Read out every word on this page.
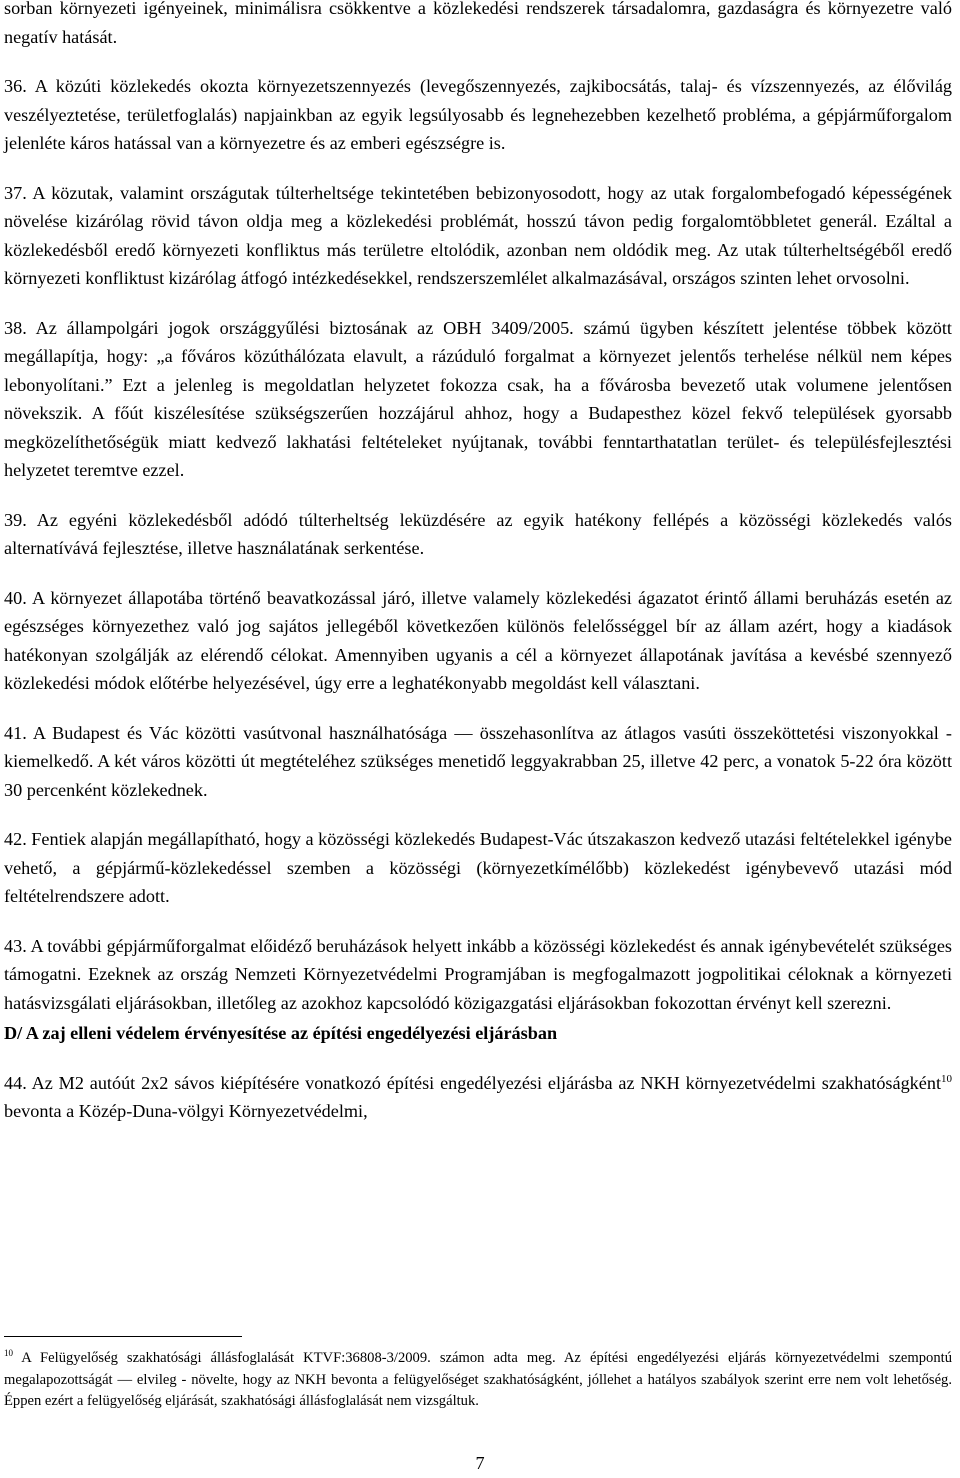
sorban környezeti igényeinek, minimálisra csökkentve a közlekedési rendszerek társadalomra, gazdaságra és környezetre való negatív hatását.

36. A közúti közlekedés okozta környezetszennyezés (levegőszennyezés, zajkibocsátás, talaj- és vízszennyezés, az élővilág veszélyeztetése, területfoglalás) napjainkban az egyik legsúlyosabb és legnehezebben kezelhető probléma, a gépjárműforgalom jelenléte káros hatással van a környezetre és az emberi egészségre is.

37. A közutak, valamint országutak túlterheltsége tekintetében bebizonyosodott, hogy az utak forgalombefogadó képességének növelése kizárólag rövid távon oldja meg a közlekedési problémát, hosszú távon pedig forgalomtöbbletet generál. Ezáltal a közlekedésből eredő környezeti konfliktus más területre eltolódik, azonban nem oldódik meg. Az utak túlterheltségéből eredő környezeti konfliktust kizárólag átfogó intézkedésekkel, rendszerszemlélet alkalmazásával, országos szinten lehet orvosolni.

38. Az állampolgári jogok országgyűlési biztosának az OBH 3409/2005. számú ügyben készített jelentése többek között megállapítja, hogy: „a főváros közúthálózata elavult, a rázúduló forgalmat a környezet jelentős terhelése nélkül nem képes lebonyolítani.” Ezt a jelenleg is megoldatlan helyzetet fokozza csak, ha a fővárosba bevezető utak volumene jelentősen növekszik. A főút kiszélesítése szükségszerűen hozzájárul ahhoz, hogy a Budapesthez közel fekvő települések gyorsabb megközelíthetőségük miatt kedvező lakhatási feltételeket nyújtanak, további fenntarthatatlan terület- és településfejlesztési helyzetet teremtve ezzel.

39. Az egyéni közlekedésből adódó túlterheltség leküzdésére az egyik hatékony fellépés a közösségi közlekedés valós alternatívává fejlesztése, illetve használatának serkentése.

40. A környezet állapotába történő beavatkozással járó, illetve valamely közlekedési ágazatot érintő állami beruházás esetén az egészséges környezethez való jog sajátos jellegéből következően különös felelősséggel bír az állam azért, hogy a kiadások hatékonyan szolgálják az elérendő célokat. Amennyiben ugyanis a cél a környezet állapotának javítása a kevésbé szennyező közlekedési módok előtérbe helyezésével, úgy erre a leghatékonyabb megoldást kell választani.

41. A Budapest és Vác közötti vasútvonal használhatósága — összehasonlítva az átlagos vasúti összeköttetési viszonyokkal - kiemelkedő. A két város közötti út megtételéhez szükséges menetidő leggyakrabban 25, illetve 42 perc, a vonatok 5-22 óra között 30 percenként közlekednek.

42. Fentiek alapján megállapítható, hogy a közösségi közlekedés Budapest-Vác útszakaszon kedvező utazási feltételekkel igénybe vehető, a gépjármű-közlekedéssel szemben a közösségi (környezetkímélőbb) közlekedést igénybevevő utazási mód feltételrendszere adott.

43. A további gépjárműforgalmat előidéző beruházások helyett inkább a közösségi közlekedést és annak igénybevételét szükséges támogatni. Ezeknek az ország Nemzeti Környezetvédelmi Programjában is megfogalmazott jogpolitikai céloknak a környezeti hatásvizsgálati eljárásokban, illetőleg az azokhoz kapcsolódó közigazgatási eljárásokban fokozottan érvényt kell szerezni.

D/ A zaj elleni védelem érvényesítése az építési engedélyezési eljárásban

44. Az M2 autóút 2x2 sávos kiépítésére vonatkozó építési engedélyezési eljárásba az NKH környezetvédelmi szakhatóságként$^{10}$ bevonta a Közép-Duna-völgyi Környezetvédelmi,

$^{10}$ A Felügyelőség szakhatósági állásfoglalását KTVF:36808-3/2009. számon adta meg. Az építési engedélyezési eljárás környezetvédelmi szempontú megalapozottságát — elvileg - növelte, hogy az NKH bevonta a felügyelőséget szakhatóságként, jóllehet a hatályos szabályok szerint erre nem volt lehetőség. Éppen ezért a felügyelőség eljárását, szakhatósági állásfoglalását nem vizsgáltuk.

7
